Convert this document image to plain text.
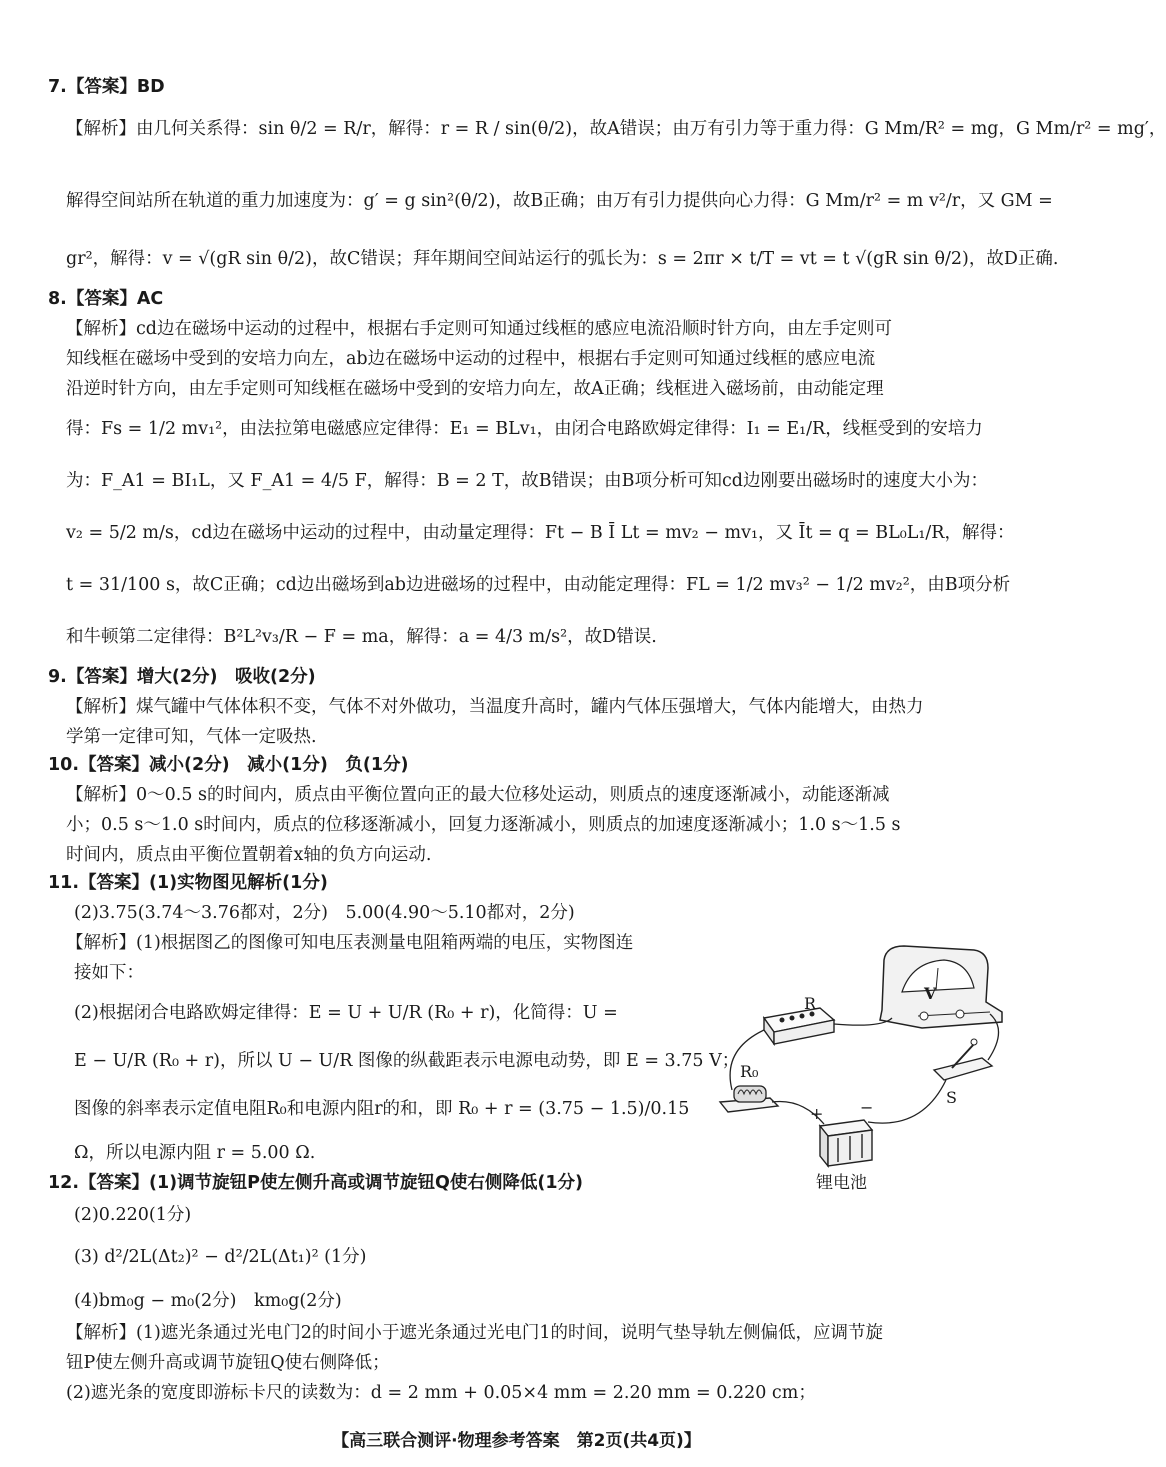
7.【答案】BD
【解析】由几何关系得：sin θ/2 = R/r，解得：r = R / sin(θ/2)，故A错误；由万有引力等于重力得：G Mm/R² = mg，G Mm/r² = mg′，
解得空间站所在轨道的重力加速度为：g′ = g sin²(θ/2)，故B正确；由万有引力提供向心力得：G Mm/r² = m v²/r，又 GM =
gr²，解得：v = √(gR sin θ/2)，故C错误；拜年期间空间站运行的弧长为：s = 2πr × t/T = vt = t √(gR sin θ/2)，故D正确.
8.【答案】AC
【解析】cd边在磁场中运动的过程中，根据右手定则可知通过线框的感应电流沿顺时针方向，由左手定则可
知线框在磁场中受到的安培力向左，ab边在磁场中运动的过程中，根据右手定则可知通过线框的感应电流
沿逆时针方向，由左手定则可知线框在磁场中受到的安培力向左，故A正确；线框进入磁场前，由动能定理
得：Fs = 1/2 mv₁²，由法拉第电磁感应定律得：E₁ = BLv₁，由闭合电路欧姆定律得：I₁ = E₁/R，线框受到的安培力
为：F_A1 = BI₁L，又 F_A1 = 4/5 F，解得：B = 2 T，故B错误；由B项分析可知cd边刚要出磁场时的速度大小为：
v₂ = 5/2 m/s，cd边在磁场中运动的过程中，由动量定理得：Ft − B Ī Lt = mv₂ − mv₁，又 Īt = q = BL₀L₁/R，解得：
t = 31/100 s，故C正确；cd边出磁场到ab边进磁场的过程中，由动能定理得：FL = 1/2 mv₃² − 1/2 mv₂²，由B项分析
和牛顿第二定律得：B²L²v₃/R − F = ma，解得：a = 4/3 m/s²，故D错误.
9.【答案】增大(2分)　吸收(2分)
【解析】煤气罐中气体体积不变，气体不对外做功，当温度升高时，罐内气体压强增大，气体内能增大，由热力
学第一定律可知，气体一定吸热.
10.【答案】减小(2分)　减小(1分)　负(1分)
【解析】0～0.5 s的时间内，质点由平衡位置向正的最大位移处运动，则质点的速度逐渐减小，动能逐渐减
小；0.5 s～1.0 s时间内，质点的位移逐渐减小，回复力逐渐减小，则质点的加速度逐渐减小；1.0 s～1.5 s
时间内，质点由平衡位置朝着x轴的负方向运动.
11.【答案】(1)实物图见解析(1分)
(2)3.75(3.74～3.76都对，2分)　5.00(4.90～5.10都对，2分)
【解析】(1)根据图乙的图像可知电压表测量电阻箱两端的电压，实物图连
接如下：
(2)根据闭合电路欧姆定律得：E = U + U/R (R₀ + r)，化简得：U =
E − U/R (R₀ + r)，所以 U − U/R 图像的纵截距表示电源电动势，即 E = 3.75 V；
图像的斜率表示定值电阻R₀和电源内阻r的和，即 R₀ + r = (3.75 − 1.5)/0.15
Ω，所以电源内阻 r = 5.00 Ω.
12.【答案】(1)调节旋钮P使左侧升高或调节旋钮Q使右侧降低(1分)
(2)0.220(1分)
(3) d²/2L(Δt₂)² − d²/2L(Δt₁)² (1分)
(4)bm₀g − m₀(2分)　km₀g(2分)
【解析】(1)遮光条通过光电门2的时间小于遮光条通过光电门1的时间，说明气垫导轨左侧偏低，应调节旋
钮P使左侧升高或调节旋钮Q使右侧降低；
(2)遮光条的宽度即游标卡尺的读数为：d = 2 mm + 0.05×4 mm = 2.20 mm = 0.220 cm；
R
V
R₀
S
+ −
锂电池
【高三联合测评·物理参考答案　第2页(共4页)】
